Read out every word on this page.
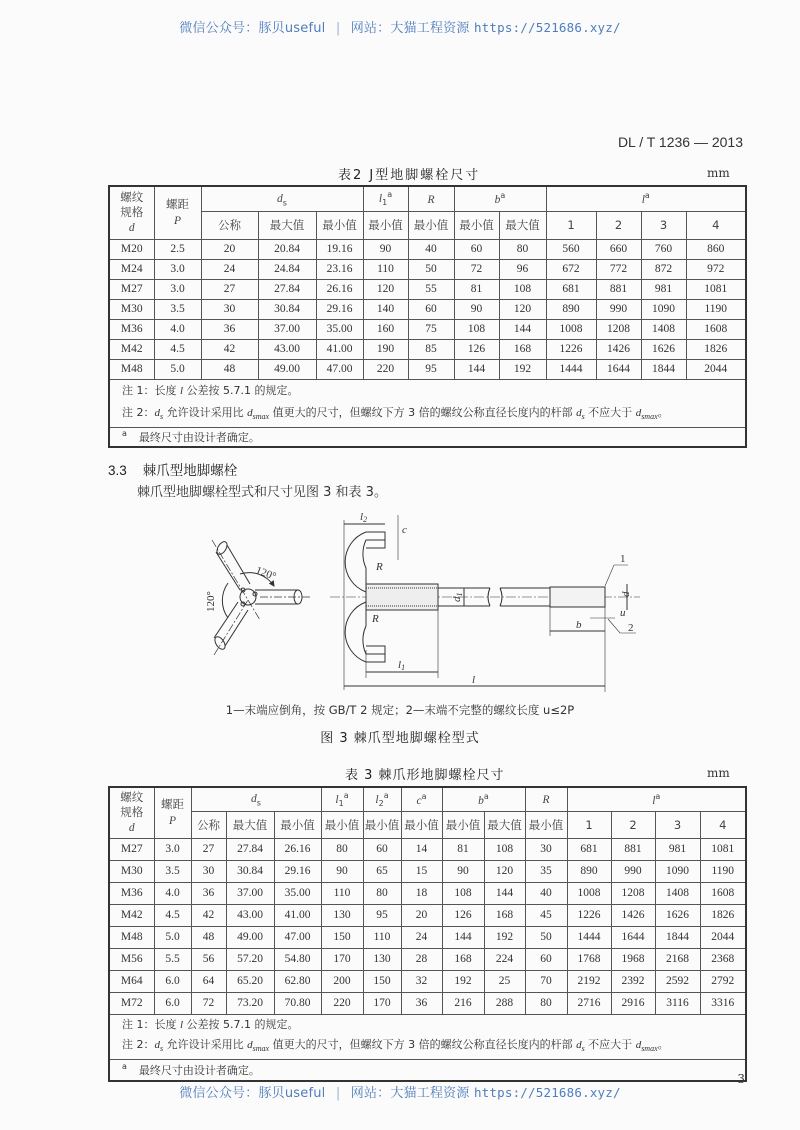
微信公众号：豚贝useful | 网站：大猫工程资源 https://521686.xyz/
DL / T 1236 — 2013
表2 J型地脚螺栓尺寸	mm
螺纹
规格
d	螺距
P	$d_s$			$l_1^a$	R	$b^a$		$l^a$
		公称	最大值	最小值	最小值	最小值	最小值	最大值	1	2	3	4
M20	2.5	20	20.84	19.16	90	40	60	80	560	660	760	860
M24	3.0	24	24.84	23.16	110	50	72	96	672	772	872	972
M27	3.0	27	27.84	26.16	120	55	81	108	681	881	981	1081
M30	3.5	30	30.84	29.16	140	60	90	120	890	990	1090	1190
M36	4.0	36	37.00	35.00	160	75	108	144	1008	1208	1408	1608
M42	4.5	42	43.00	41.00	190	85	126	168	1226	1426	1626	1826
M48	5.0	48	49.00	47.00	220	95	144	192	1444	1644	1844	2044

注 1：长度 l 公差按 5.7.1 的规定。
注 2：$d_s$ 允许设计采用比 $d_{smax}$ 值更大的尺寸，但螺纹下方 3 倍的螺纹公称直径长度内的杆部 $d_s$ 不应大于 $d_{smax}$。												

$^a$ 最终尺寸由设计者确定。												
3.3 棘爪型地脚螺栓
棘爪型地脚螺栓型式和尺寸见图 3 和表 3。
120°
120°
l2
c
R
R
d1
l1
l
b
d
u
1
2
1—末端应倒角，按 GB/T 2 规定；2—末端不完整的螺纹长度 u≤2P
图 3 棘爪型地脚螺栓型式
表 3 棘爪形地脚螺栓尺寸	mm
螺纹
规格
d	螺距
P	$d_s$			$l_1^a$	$l_2^a$	$c^a$	$b^a$		R	$l^a$
		公称	最大值	最小值	最小值	最小值	最小值	最小值	最大值	最小值	1	2	3	4
M27	3.0	27	27.84	26.16	80	60	14	81	108	30	681	881	981	1081
M30	3.5	30	30.84	29.16	90	65	15	90	120	35	890	990	1090	1190
M36	4.0	36	37.00	35.00	110	80	18	108	144	40	1008	1208	1408	1608
M42	4.5	42	43.00	41.00	130	95	20	126	168	45	1226	1426	1626	1826
M48	5.0	48	49.00	47.00	150	110	24	144	192	50	1444	1644	1844	2044
M56	5.5	56	57.20	54.80	170	130	28	168	224	60	1768	1968	2168	2368
M64	6.0	64	65.20	62.80	200	150	32	192	25	70	2192	2392	2592	2792
M72	6.0	72	73.20	70.80	220	170	36	216	288	80	2716	2916	3116	3316

注 1：长度 l 公差按 5.7.1 的规定。
注 2：$d_s$ 允许设计采用比 $d_{smax}$ 值更大的尺寸，但螺纹下方 3 倍的螺纹公称直径长度内的杆部 $d_s$ 不应大于 $d_{smax}$。														

$^a$ 最终尺寸由设计者确定。														
微信公众号：豚贝useful | 网站：大猫工程资源 https://521686.xyz/
3
